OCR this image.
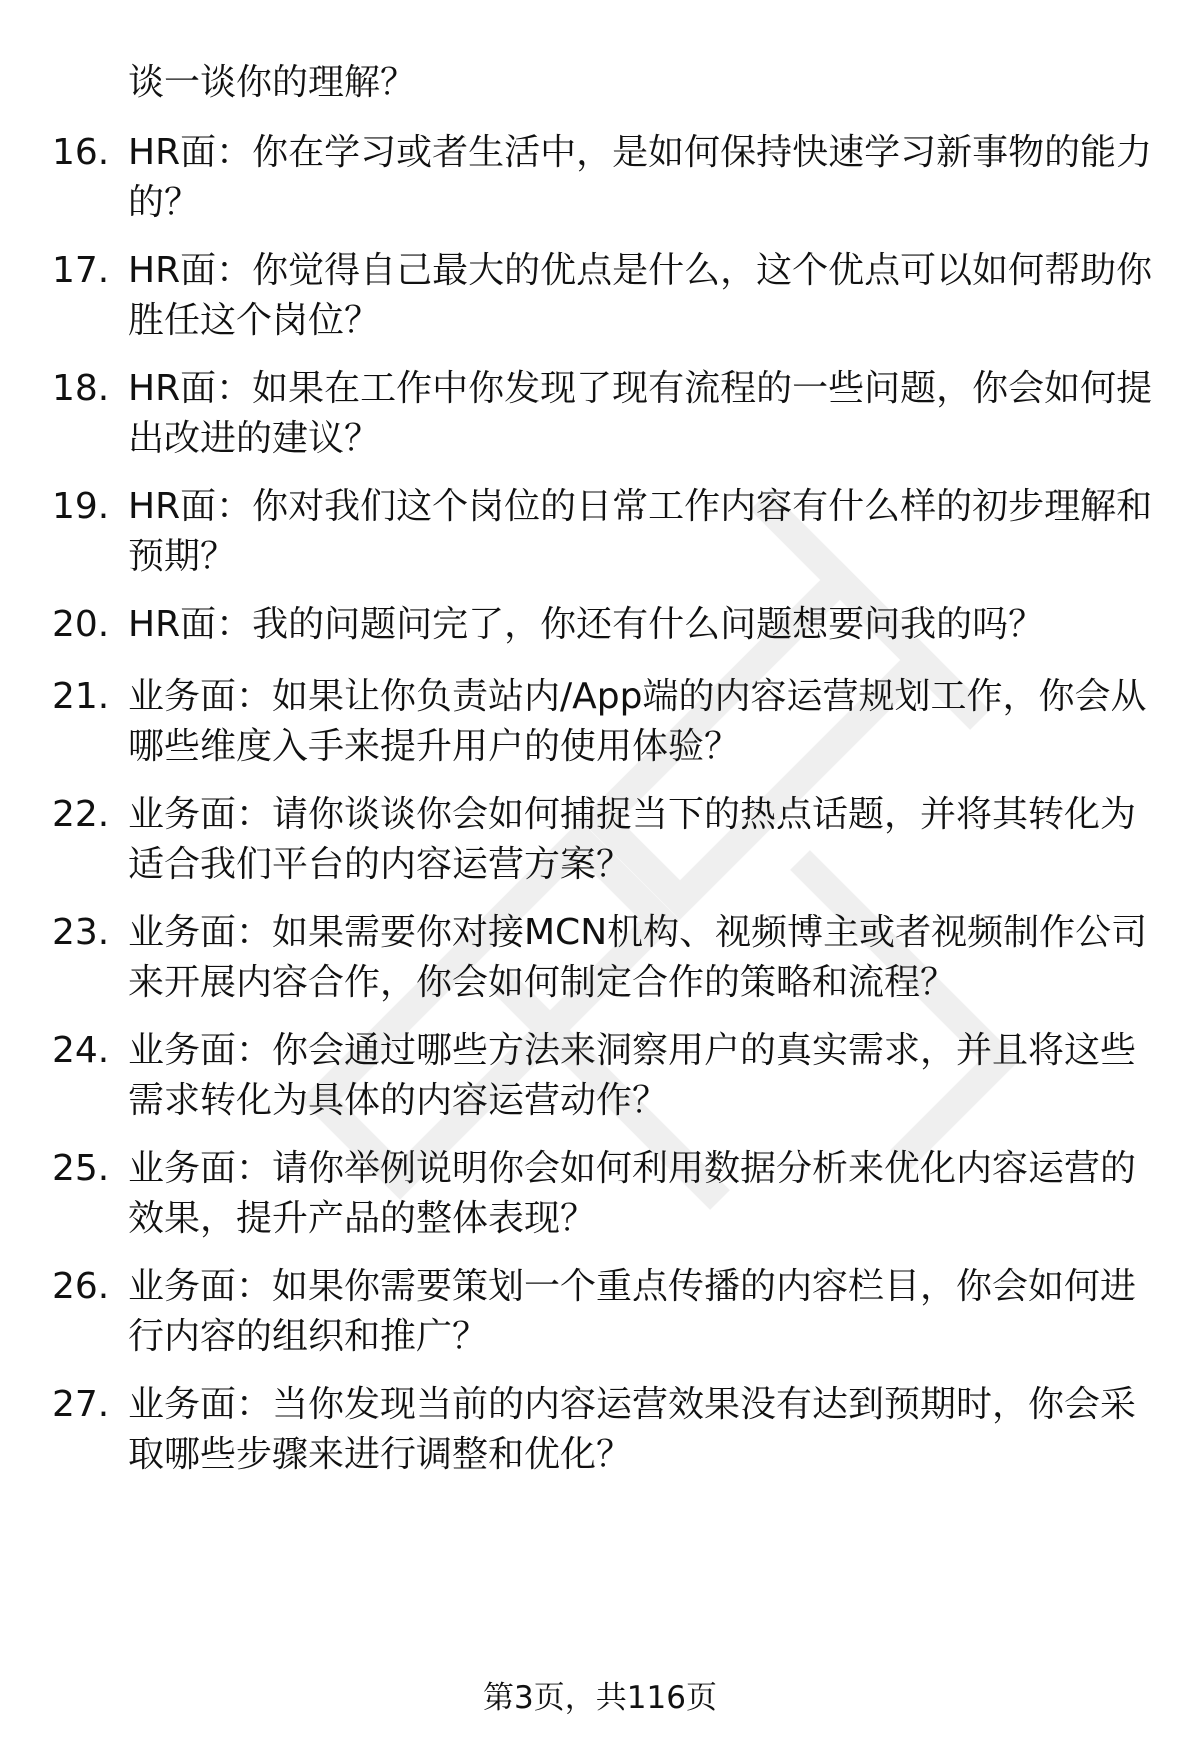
谈一谈你的理解？
16. HR面：你在学习或者生活中，是如何保持快速学习新事物的能力的？
17. HR面：你觉得自己最大的优点是什么，这个优点可以如何帮助你胜任这个岗位？
18. HR面：如果在工作中你发现了现有流程的一些问题，你会如何提出改进的建议？
19. HR面：你对我们这个岗位的日常工作内容有什么样的初步理解和预期？
20. HR面：我的问题问完了，你还有什么问题想要问我的吗？
21. 业务面：如果让你负责站内/App端的内容运营规划工作，你会从哪些维度入手来提升用户的使用体验？
22. 业务面：请你谈谈你会如何捕捉当下的热点话题，并将其转化为适合我们平台的内容运营方案？
23. 业务面：如果需要你对接MCN机构、视频博主或者视频制作公司来开展内容合作，你会如何制定合作的策略和流程？
24. 业务面：你会通过哪些方法来洞察用户的真实需求，并且将这些需求转化为具体的内容运营动作？
25. 业务面：请你举例说明你会如何利用数据分析来优化内容运营的效果，提升产品的整体表现？
26. 业务面：如果你需要策划一个重点传播的内容栏目，你会如何进行内容的组织和推广？
27. 业务面：当你发现当前的内容运营效果没有达到预期时，你会采取哪些步骤来进行调整和优化？
第3页，共116页
